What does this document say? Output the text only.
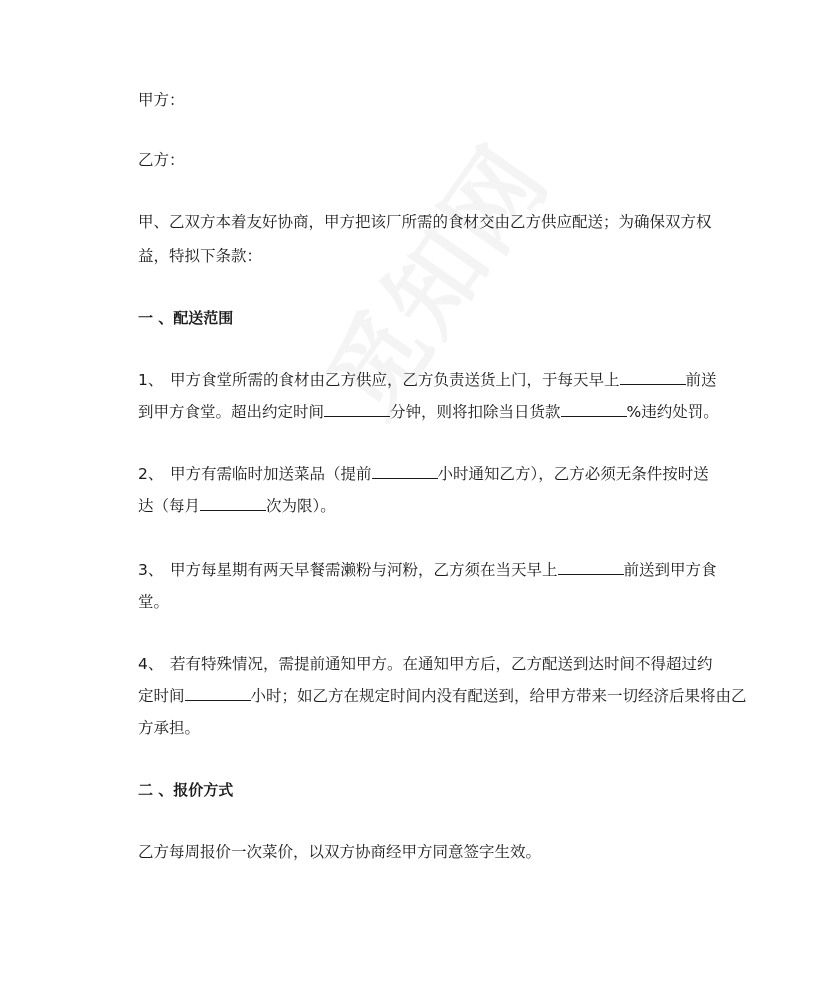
甲方：
乙方：
甲、乙双方本着友好协商，甲方把该厂所需的食材交由乙方供应配送；为确保双方权
益，特拟下条款：
一 、配送范围
1、 甲方食堂所需的食材由乙方供应，乙方负责送货上门，于每天早上	前送
到甲方食堂。超出约定时间	分钟，则将扣除当日货款	%违约处罚。
2、 甲方有需临时加送菜品（提前	小时通知乙方），乙方必须无条件按时送
达（每月	次为限）。
3、 甲方每星期有两天早餐需濑粉与河粉，乙方须在当天早上	前送到甲方食
堂。
4、 若有特殊情况，需提前通知甲方。在通知甲方后，乙方配送到达时间不得超过约
定时间	小时；如乙方在规定时间内没有配送到，给甲方带来一切经济后果将由乙
方承担。
二 、报价方式
乙方每周报价一次菜价，以双方协商经甲方同意签字生效。
